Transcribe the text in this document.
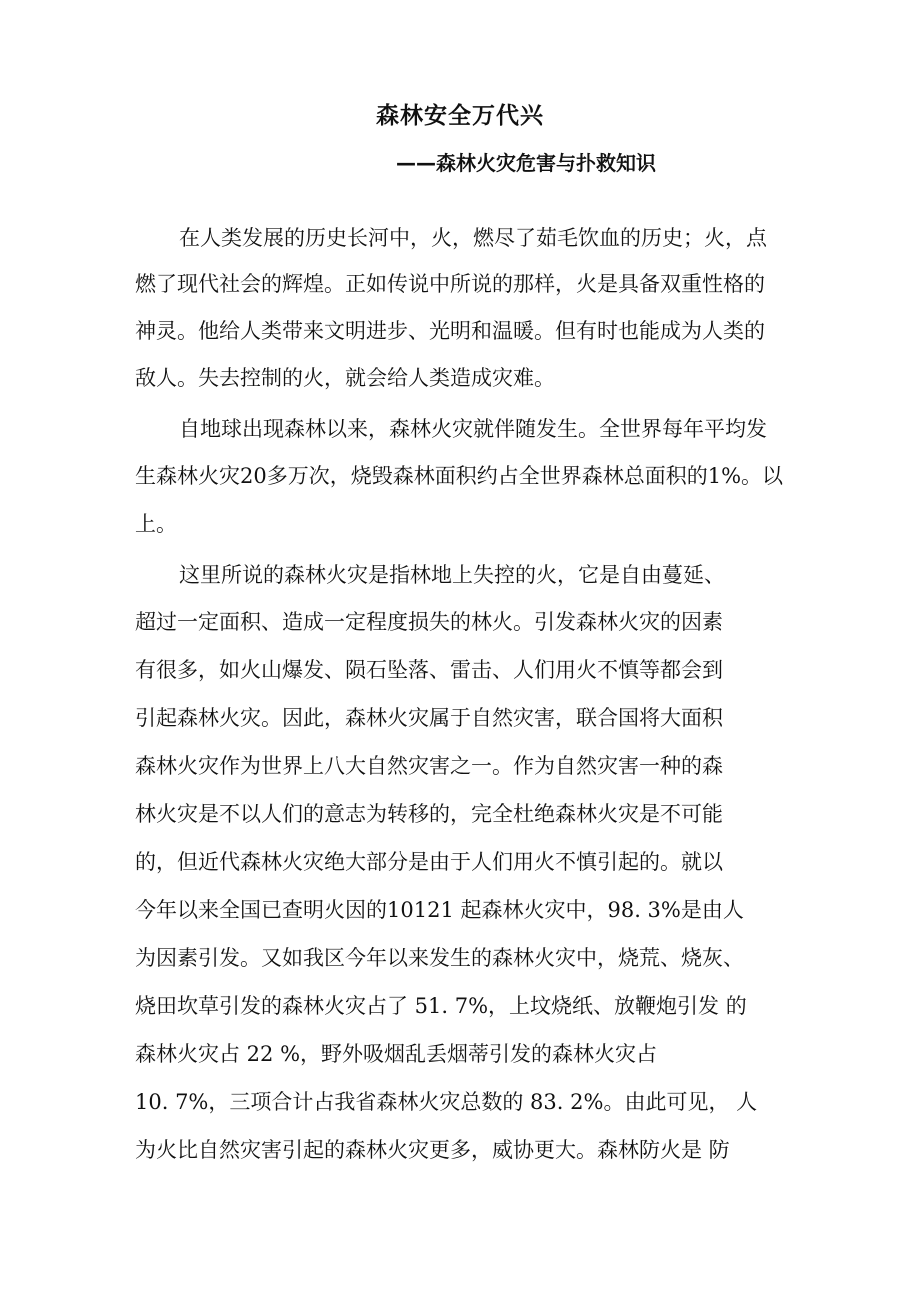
森林安全万代兴
——森林火灾危害与扑救知识
在人类发展的历史长河中，火，燃尽了茹毛饮血的历史；火，点
燃了现代社会的辉煌。正如传说中所说的那样，火是具备双重性格的
神灵。他给人类带来文明进步、光明和温暖。但有时也能成为人类的
敌人。失去控制的火，就会给人类造成灾难。
自地球出现森林以来，森林火灾就伴随发生。全世界每年平均发
生森林火灾20多万次，烧毁森林面积约占全世界森林总面积的1%。以
上。
这里所说的森林火灾是指林地上失控的火，它是自由蔓延、
超过一定面积、造成一定程度损失的林火。引发森林火灾的因素
有很多，如火山爆发、陨石坠落、雷击、人们用火不慎等都会到
引起森林火灾。因此，森林火灾属于自然灾害，联合国将大面积
森林火灾作为世界上八大自然灾害之一。作为自然灾害一种的森
林火灾是不以人们的意志为转移的，完全杜绝森林火灾是不可能
的，但近代森林火灾绝大部分是由于人们用火不慎引起的。就以
今年以来全国已查明火因的10121 起森林火灾中，98. 3%是由人
为因素引发。又如我区今年以来发生的森林火灾中，烧荒、烧灰、
烧田坎草引发的森林火灾占了 51. 7%，上坟烧纸、放鞭炮引发 的
森林火灾占 22 %，野外吸烟乱丢烟蒂引发的森林火灾占
10. 7%，三项合计占我省森林火灾总数的 83. 2%。由此可见， 人
为火比自然灾害引起的森林火灾更多，威协更大。森林防火是 防
